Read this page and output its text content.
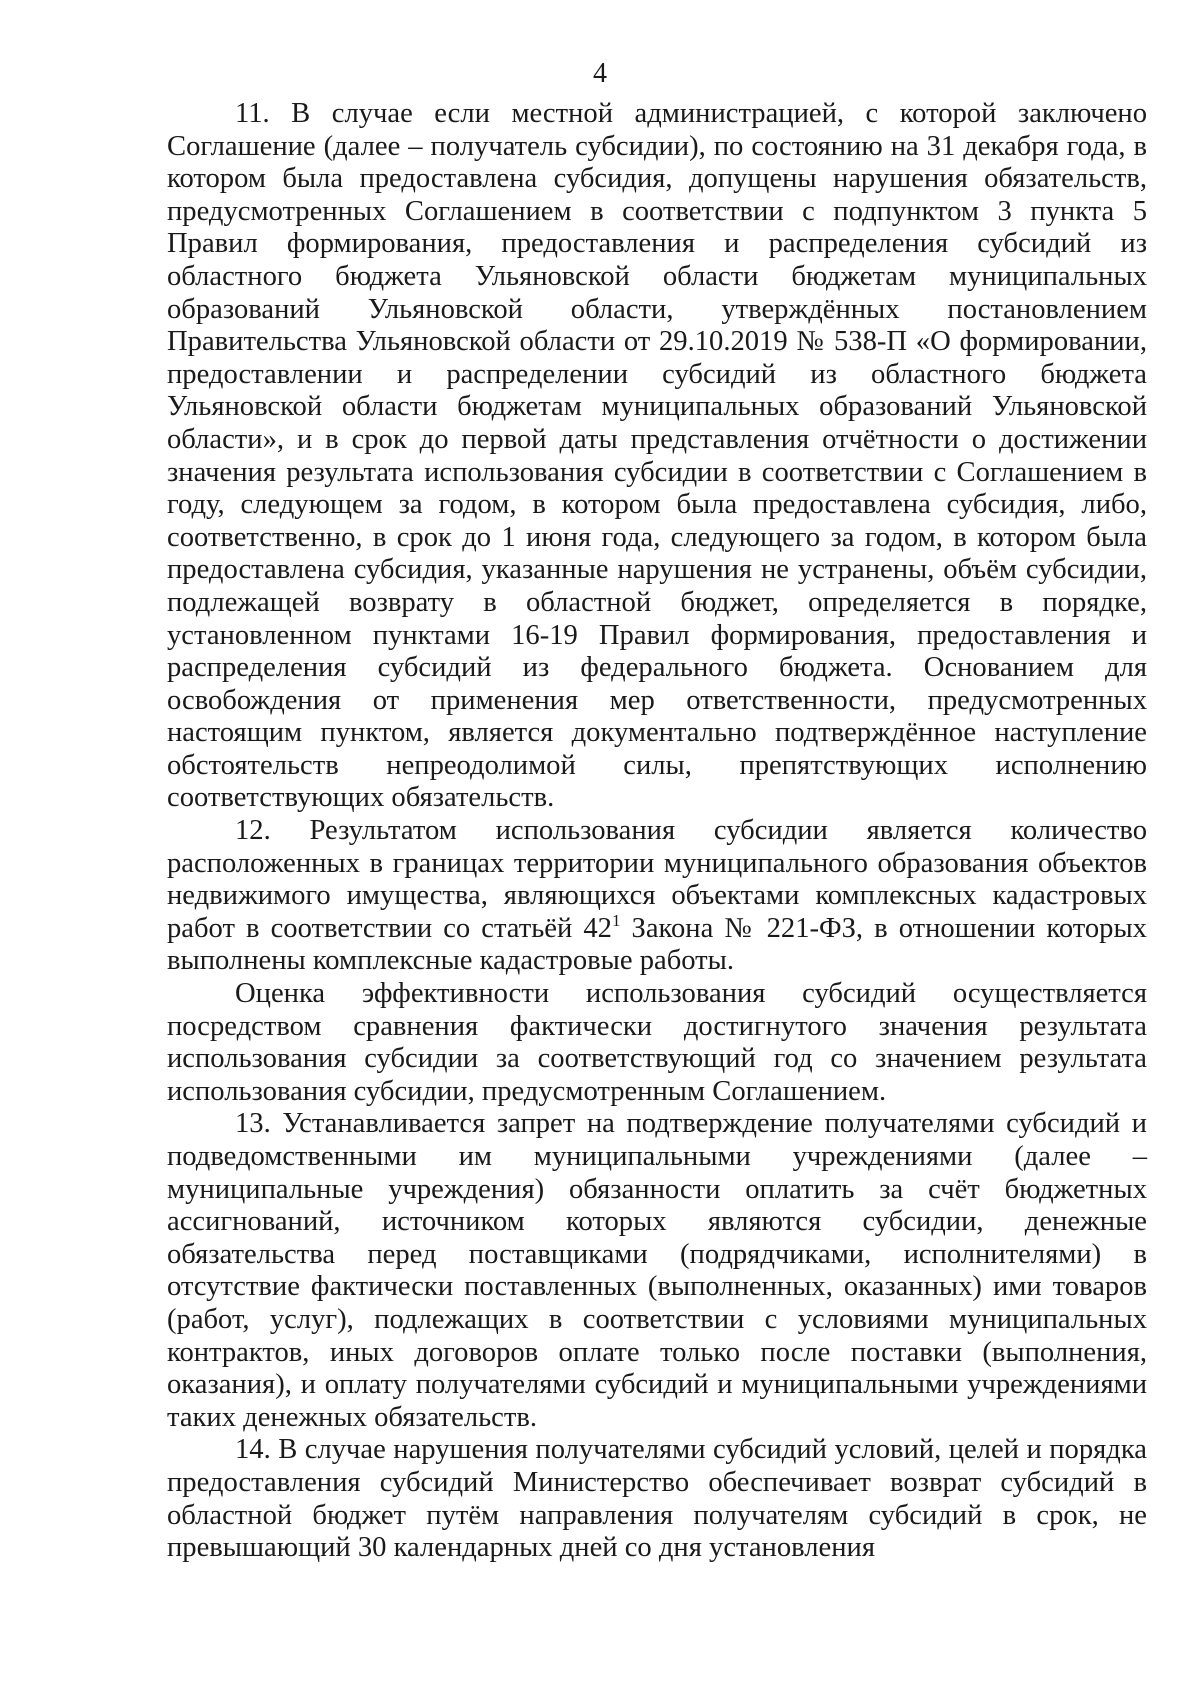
4

11. В случае если местной администрацией, с которой заключено Соглашение (далее – получатель субсидии), по состоянию на 31 декабря года, в котором была предоставлена субсидия, допущены нарушения обязательств, предусмотренных Соглашением в соответствии с подпунктом 3 пункта 5 Правил формирования, предоставления и распределения субсидий из областного бюджета Ульяновской области бюджетам муниципальных образований Ульяновской области, утверждённых постановлением Правительства Ульяновской области от 29.10.2019 № 538-П «О формировании, предоставлении и распределении субсидий из областного бюджета Ульяновской области бюджетам муниципальных образований Ульяновской области», и в срок до первой даты представления отчётности о достижении значения результата использования субсидии в соответствии с Соглашением в году, следующем за годом, в котором была предоставлена субсидия, либо, соответственно, в срок до 1 июня года, следующего за годом, в котором была предоставлена субсидия, указанные нарушения не устранены, объём субсидии, подлежащей возврату в областной бюджет, определяется в порядке, установленном пунктами 16-19 Правил формирования, предоставления и распределения субсидий из федерального бюджета. Основанием для освобождения от применения мер ответственности, предусмотренных настоящим пунктом, является документально подтверждённое наступление обстоятельств непреодолимой силы, препятствующих исполнению соответствующих обязательств.

12. Результатом использования субсидии является количество расположенных в границах территории муниципального образования объектов недвижимого имущества, являющихся объектами комплексных кадастровых работ в соответствии со статьёй $42^1$ Закона № 221-ФЗ, в отношении которых выполнены комплексные кадастровые работы.

Оценка эффективности использования субсидий осуществляется посредством сравнения фактически достигнутого значения результата использования субсидии за соответствующий год со значением результата использования субсидии, предусмотренным Соглашением.

13. Устанавливается запрет на подтверждение получателями субсидий и подведомственными им муниципальными учреждениями (далее – муниципальные учреждения) обязанности оплатить за счёт бюджетных ассигнований, источником которых являются субсидии, денежные обязательства перед поставщиками (подрядчиками, исполнителями) в отсутствие фактически поставленных (выполненных, оказанных) ими товаров (работ, услуг), подлежащих в соответствии с условиями муниципальных контрактов, иных договоров оплате только после поставки (выполнения, оказания), и оплату получателями субсидий и муниципальными учреждениями таких денежных обязательств.

14. В случае нарушения получателями субсидий условий, целей и порядка предоставления субсидий Министерство обеспечивает возврат субсидий в областной бюджет путём направления получателям субсидий в срок, не превышающий 30 календарных дней со дня установления
